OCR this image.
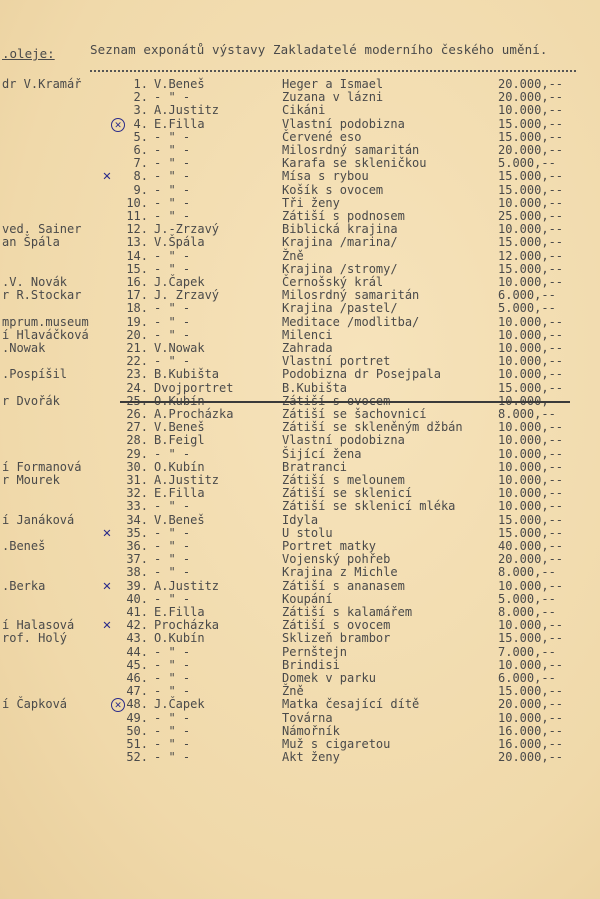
.oleje:	Seznam exponátů výstavy Zakladatelé moderního českého umění.
dr V.Kramář	1. V.Beneš	Heger a Ismael	20.000,--
2. - " -	Zuzana v lázni	20.000,--
3. A.Justitz	Cikáni	10.000,--
4. E.Filla	Vlastní podobizna	15.000,--
✕
5. - " -	Červené eso	15.000,--
6. - " -	Milosrdný samaritán	20.000,--
7. - " -	Karafa se skleničkou	5.000,--
8. - " -	Mísa s rybou	15.000,--
✕
9. - " -	Košík s ovocem	15.000,--
10. - " -	Tři ženy	10.000,--
11. - " -	Zátiší s podnosem	25.000,--
ved. Sainer	12. J.-Zrzavý	Biblická krajina	10.000,--
an Špála	13. V.Špála	Krajina /marina/	15.000,--
14. - " -	Žně	12.000,--
15. - " -	Krajina /stromy/	15.000,--
.V. Novák	16. J.Čapek	Černošský král	10.000,--
r R.Stockar	17. J. Zrzavý	Milosrdný samaritán	6.000,--
18. - " -	Krajina /pastel/	5.000,--
mprum.museum	19. - " -	Meditace /modlitba/	10.000,--
í Hlaváčková	20. - " -	Milenci	10.000,--
.Nowak	21. V.Nowak	Zahrada	10.000,--
22. - " -	Vlastní portret	10.000,--
.Pospíšil	23. B.Kubišta	Podobizna dr Posejpala	10.000,--
24. Dvojportret	B.Kubišta	15.000,--
r Dvořák	25. O.Kubín	Zátiší s ovocem	10.000,--
26. A.Procházka	Zátiší se šachovnicí	8.000,--
27. V.Beneš	Zátiší se skleněným džbán	10.000,--
28. B.Feigl	Vlastní podobizna	10.000,--
29. - " -	Šijící žena	10.000,--
í Formanová	30. O.Kubín	Bratranci	10.000,--
r Mourek	31. A.Justitz	Zátiší s melounem	10.000,--
32. E.Filla	Zátiší se sklenicí	10.000,--
33. - " -	Zátiší se sklenicí mléka	10.000,--
í Janáková	34. V.Beneš	Idyla	15.000,--
35. - " -	U stolu	15.000,--
✕
.Beneš	36. - " -	Portret matky	40.000,--
37. - " -	Vojenský pohřeb	20.000,--
38. - " -	Krajina z Michle	8.000,--
.Berka	39. A.Justitz	Zátiší s ananasem	10.000,--
✕
40. - " -	Koupání	5.000,--
41. E.Filla	Zátiší s kalamářem	8.000,--
í Halasová	42. Procházka	Zátiší s ovocem	10.000,--
✕
rof. Holý	43. O.Kubín	Sklizeň brambor	15.000,--
44. - " -	Pernštejn	7.000,--
45. - " -	Brindisi	10.000,--
46. - " -	Domek v parku	6.000,--
47. - " -	Žně	15.000,--
í Čapková	48. J.Čapek	Matka česající dítě	20.000,--
✕
49. - " -	Továrna	10.000,--
50. - " -	Námořník	16.000,--
51. - " -	Muž s cigaretou	16.000,--
52. - " -	Akt ženy	20.000,--
